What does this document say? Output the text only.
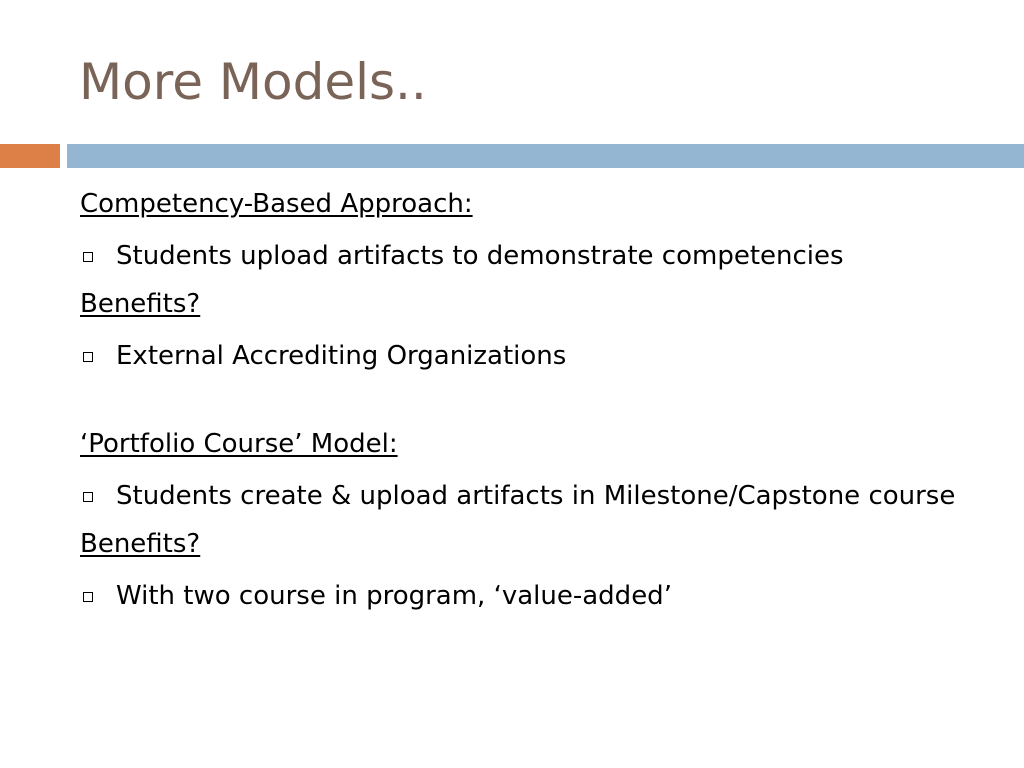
More Models..
Competency-Based Approach:
Students upload artifacts to demonstrate competencies
Benefits?
External Accrediting Organizations
‘Portfolio Course’ Model:
Students create & upload artifacts in Milestone/Capstone course
Benefits?
With two course in program, ‘value-added’
